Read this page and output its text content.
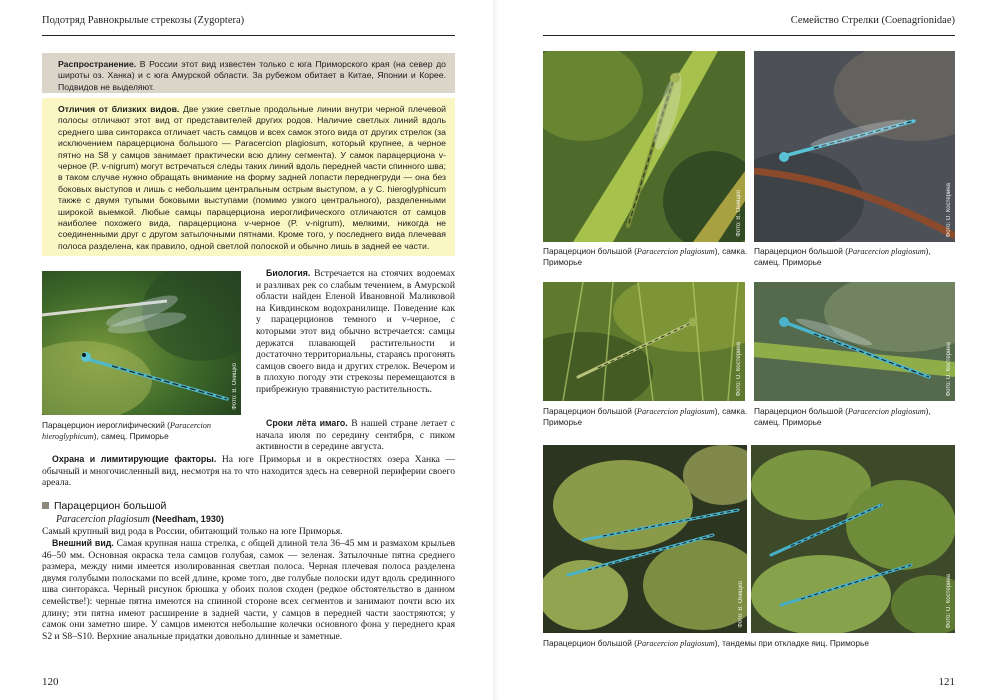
Подотряд Равнокрылые стрекозы (Zygoptera)
Распространение. В России этот вид известен только с юга Приморского края (на север до широты оз. Ханка) и с юга Амурской области. За рубежом обитает в Китае, Японии и Корее. Подвидов не выделяют.
Отличия от близких видов. Две узкие светлые продольные линии внутри черной плечевой полосы отличают этот вид от представителей других родов. Наличие светлых линий вдоль среднего шва синторакса отличает часть самцов и всех самок этого вида от других стрелок (за исключением парацерциона большого — Paracercion plagiosum, который крупнее, а черное пятно на S8 у самцов занимает практически всю длину сегмента). У самок парацерциона v-черное (P. v-nigrum) могут встречаться следы таких линий вдоль передней части спинного шва; в таком случае нужно обращать внимание на форму задней лопасти переднегруди — она без боковых выступов и лишь с небольшим центральным острым выступом, а у C. hieroglyphicum также с двумя тупыми боковыми выступами (помимо узкого центрального), разделенными широкой выемкой. Любые самцы парацерциона иероглифического отличаются от самцов наиболее похожего вида, парацерциона v-черное (P. v-nigrum), мелкими, никогда не соединенными друг с другом затылочными пятнами. Кроме того, у последнего вида плечевая полоса разделена, как правило, одной светлой полоской и обычно лишь в задней ее части.
Фото: В. Онищко
Парацерцион иероглифический (Paracercion hieroglyphicum), самец. Приморье
Биология. Встречается на стоячих водоемах и разливах рек со слабым течением, в Амурской области найден Еленой Ивановной Маликовой на Кивдинском водохранилище. Поведение как у парацерционов темного и v-черное, с которыми этот вид обычно встречается: самцы держатся плавающей растительности и достаточно территориальны, стараясь прогонять самцов своего вида и других стрелок. Вечером и в плохую погоду эти стрекозы перемещаются в прибрежную травянистую растительность.
Сроки лёта имаго. В нашей стране летает с начала июля по середину сентября, с пиком активности в середине августа.
Охрана и лимитирующие факторы. На юге Приморья и в окрестностях озера Ханка — обычный и многочисленный вид, несмотря на то что находится здесь на северной периферии своего ареала.
Парацерцион большой
Paracercion plagiosum (Needham, 1930)
Самый крупный вид рода в России, обитающий только на юге Приморья.
Внешний вид. Самая крупная наша стрелка, с общей длиной тела 36–45 мм и размахом крыльев 46–50 мм. Основная окраска тела самцов голубая, самок — зеленая. Затылочные пятна среднего размера, между ними имеется изолированная светлая полоса. Черная плечевая полоса разделена двумя голубыми полосками по всей длине, кроме того, две голубые полоски идут вдоль срединного шва синторакса. Черный рисунок брюшка у обоих полов сходен (редкое обстоятельство в данном семействе!): черные пятна имеются на спинной стороне всех сегментов и занимают почти всю их длину; эти пятна имеют расширение в задней части, у самцов в передней части заостряются; у самок они заметно шире. У самцов имеются небольшие колечки основного фона у переднего края S2 и S8–S10. Верхние анальные придатки довольно длинные и заметные.
120
Семейство Стрелки (Coenagrionidae)
Фото: В. Онищко
Парацерцион большой (Paracercion plagiosum), самка. Приморье
Фото: О. Костерина
Парацерцион большой (Paracercion plagiosum), самец. Приморье
Фото: О. Костерина
Парацерцион большой (Paracercion plagiosum), самка. Приморье
Фото: О. Костерина
Парацерцион большой (Paracercion plagiosum), самец. Приморье
Фото: В. Онищко	Фото: О. Костерина
Парацерцион большой (Paracercion plagiosum), тандемы при откладке яиц. Приморье
121
